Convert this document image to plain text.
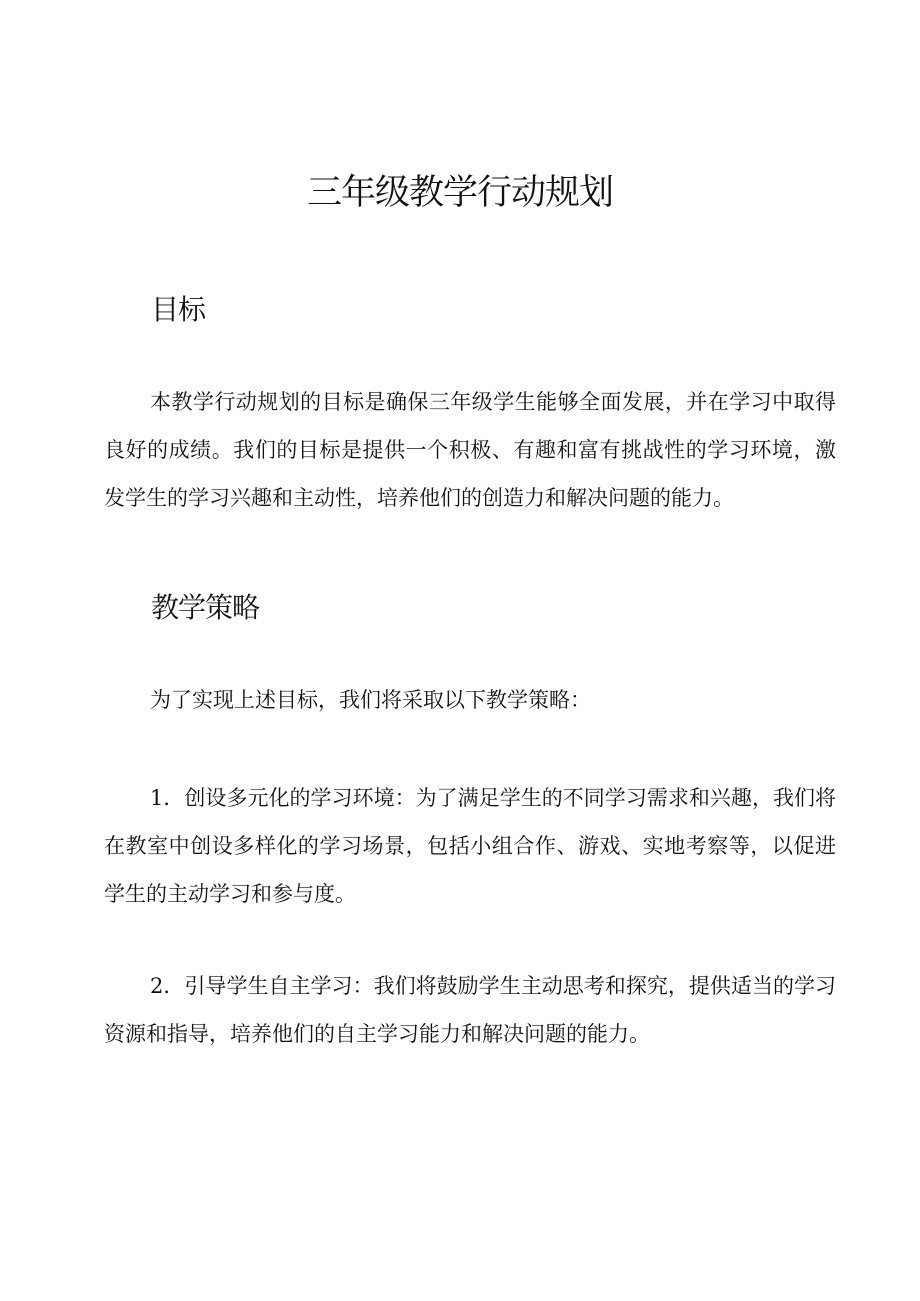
三年级教学行动规划
目标

本教学行动规划的目标是确保三年级学生能够全面发展，并在学习中取得良好的成绩。我们的目标是提供一个积极、有趣和富有挑战性的学习环境，激发学生的学习兴趣和主动性，培养他们的创造力和解决问题的能力。

教学策略

为了实现上述目标，我们将采取以下教学策略：

1．创设多元化的学习环境：为了满足学生的不同学习需求和兴趣，我们将在教室中创设多样化的学习场景，包括小组合作、游戏、实地考察等，以促进学生的主动学习和参与度。

2．引导学生自主学习：我们将鼓励学生主动思考和探究，提供适当的学习资源和指导，培养他们的自主学习能力和解决问题的能力。
